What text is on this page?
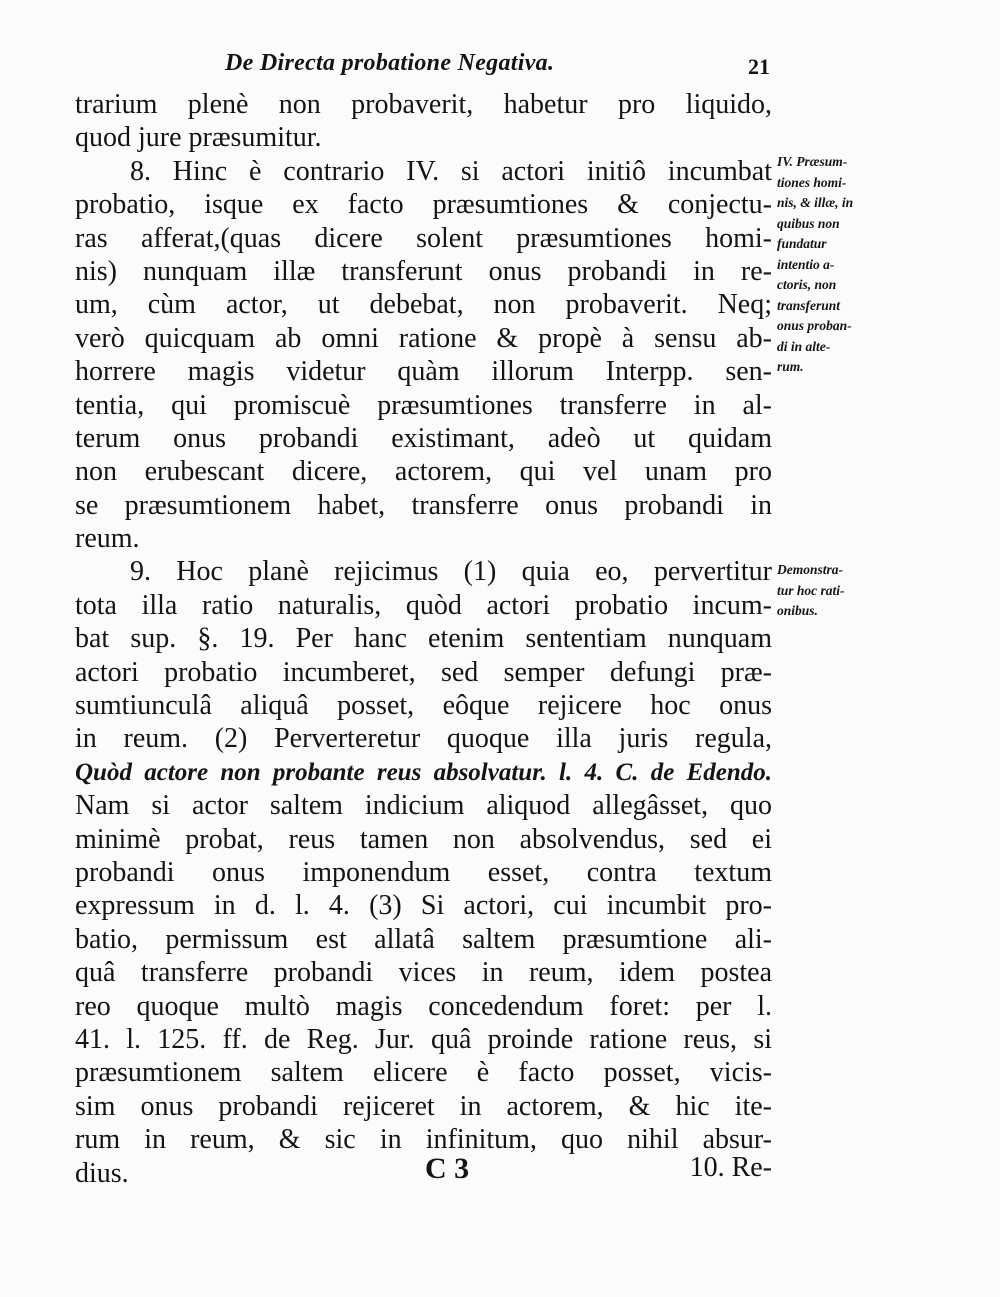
De Directa probatione Negativa.	21
trarium plenè non probaverit, habetur pro liquido,
quod jure præsumitur.
8. Hinc è contrario IV. si actori initiô incumbat
probatio, isque ex facto præsumtiones & conjectu-
ras afferat,(quas dicere solent præsumtiones homi-
nis) nunquam illæ transferunt onus probandi in re-
um, cùm actor, ut debebat, non probaverit. Neq;
verò quicquam ab omni ratione & propè à sensu ab-
horrere magis videtur quàm illorum Interpp. sen-
tentia, qui promiscuè præsumtiones transferre in al-
terum onus probandi existimant, adeò ut quidam
non erubescant dicere, actorem, qui vel unam pro
se præsumtionem habet, transferre onus probandi in
reum.
9. Hoc planè rejicimus (1) quia eo, pervertitur
tota illa ratio naturalis, quòd actori probatio incum-
bat sup. §. 19. Per hanc etenim sententiam nunquam
actori probatio incumberet, sed semper defungi præ-
sumtiunculâ aliquâ posset, eôque rejicere hoc onus
in reum. (2) Perverteretur quoque illa juris regula,
Quòd actore non probante reus absolvatur. l. 4. C. de Edendo.
Nam si actor saltem indicium aliquod allegâsset, quo
minimè probat, reus tamen non absolvendus, sed ei
probandi onus imponendum esset, contra textum
expressum in d. l. 4. (3) Si actori, cui incumbit pro-
batio, permissum est allatâ saltem præsumtione ali-
quâ transferre probandi vices in reum, idem postea
reo quoque multò magis concedendum foret: per l.
41. l. 125. ff. de Reg. Jur. quâ proinde ratione reus, si
præsumtionem saltem elicere è facto posset, vicis-
sim onus probandi rejiceret in actorem, & hic ite-
rum in reum, & sic in infinitum, quo nihil absur-
dius.
IV. Præsum-
tiones homi-
nis, & illæ, in
quibus non
fundatur
intentio a-
ctoris, non
transferunt
onus proban-
di in alte-
rum.
Demonstra-
tur hoc rati-
onibus.
C 3	10. Re-
